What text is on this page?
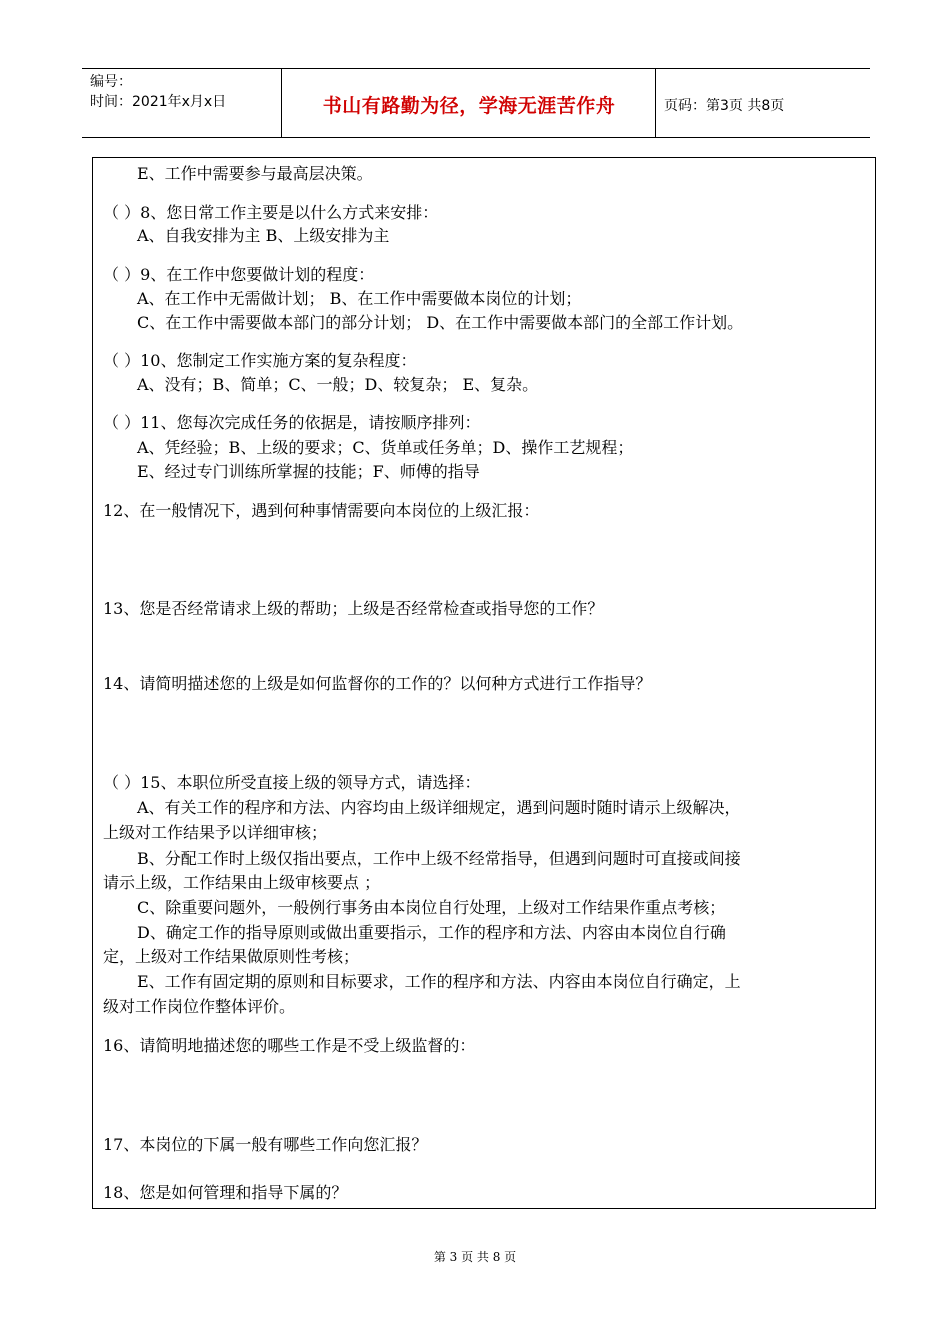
编号：
时间：2021年x月x日	书山有路勤为径，学海无涯苦作舟	页码：第3页 共8页
E、工作中需要参与最高层决策。
（ ）8、您日常工作主要是以什么方式来安排：
A、自我安排为主 B、上级安排为主
（ ）9、在工作中您要做计划的程度：
A、在工作中无需做计划； B、在工作中需要做本岗位的计划；
C、在工作中需要做本部门的部分计划； D、在工作中需要做本部门的全部工作计划。
（ ）10、您制定工作实施方案的复杂程度：
A、没有；B、简单；C、一般；D、较复杂； E、复杂。
（ ）11、您每次完成任务的依据是，请按顺序排列：
A、凭经验；B、上级的要求；C、货单或任务单；D、操作工艺规程；
E、经过专门训练所掌握的技能；F、师傅的指导
12、在一般情况下，遇到何种事情需要向本岗位的上级汇报：
13、您是否经常请求上级的帮助；上级是否经常检查或指导您的工作？
14、请简明描述您的上级是如何监督你的工作的？以何种方式进行工作指导？
（ ）15、本职位所受直接上级的领导方式，请选择：
A、有关工作的程序和方法、内容均由上级详细规定，遇到问题时随时请示上级解决，
上级对工作结果予以详细审核；
B、分配工作时上级仅指出要点，工作中上级不经常指导，但遇到问题时可直接或间接
请示上级，工作结果由上级审核要点 ；
C、除重要问题外，一般例行事务由本岗位自行处理，上级对工作结果作重点考核；
D、确定工作的指导原则或做出重要指示，工作的程序和方法、内容由本岗位自行确
定，上级对工作结果做原则性考核；
E、工作有固定期的原则和目标要求，工作的程序和方法、内容由本岗位自行确定，上
级对工作岗位作整体评价。
16、请简明地描述您的哪些工作是不受上级监督的：
17、本岗位的下属一般有哪些工作向您汇报？
18、您是如何管理和指导下属的？
第 3 页 共 8 页
